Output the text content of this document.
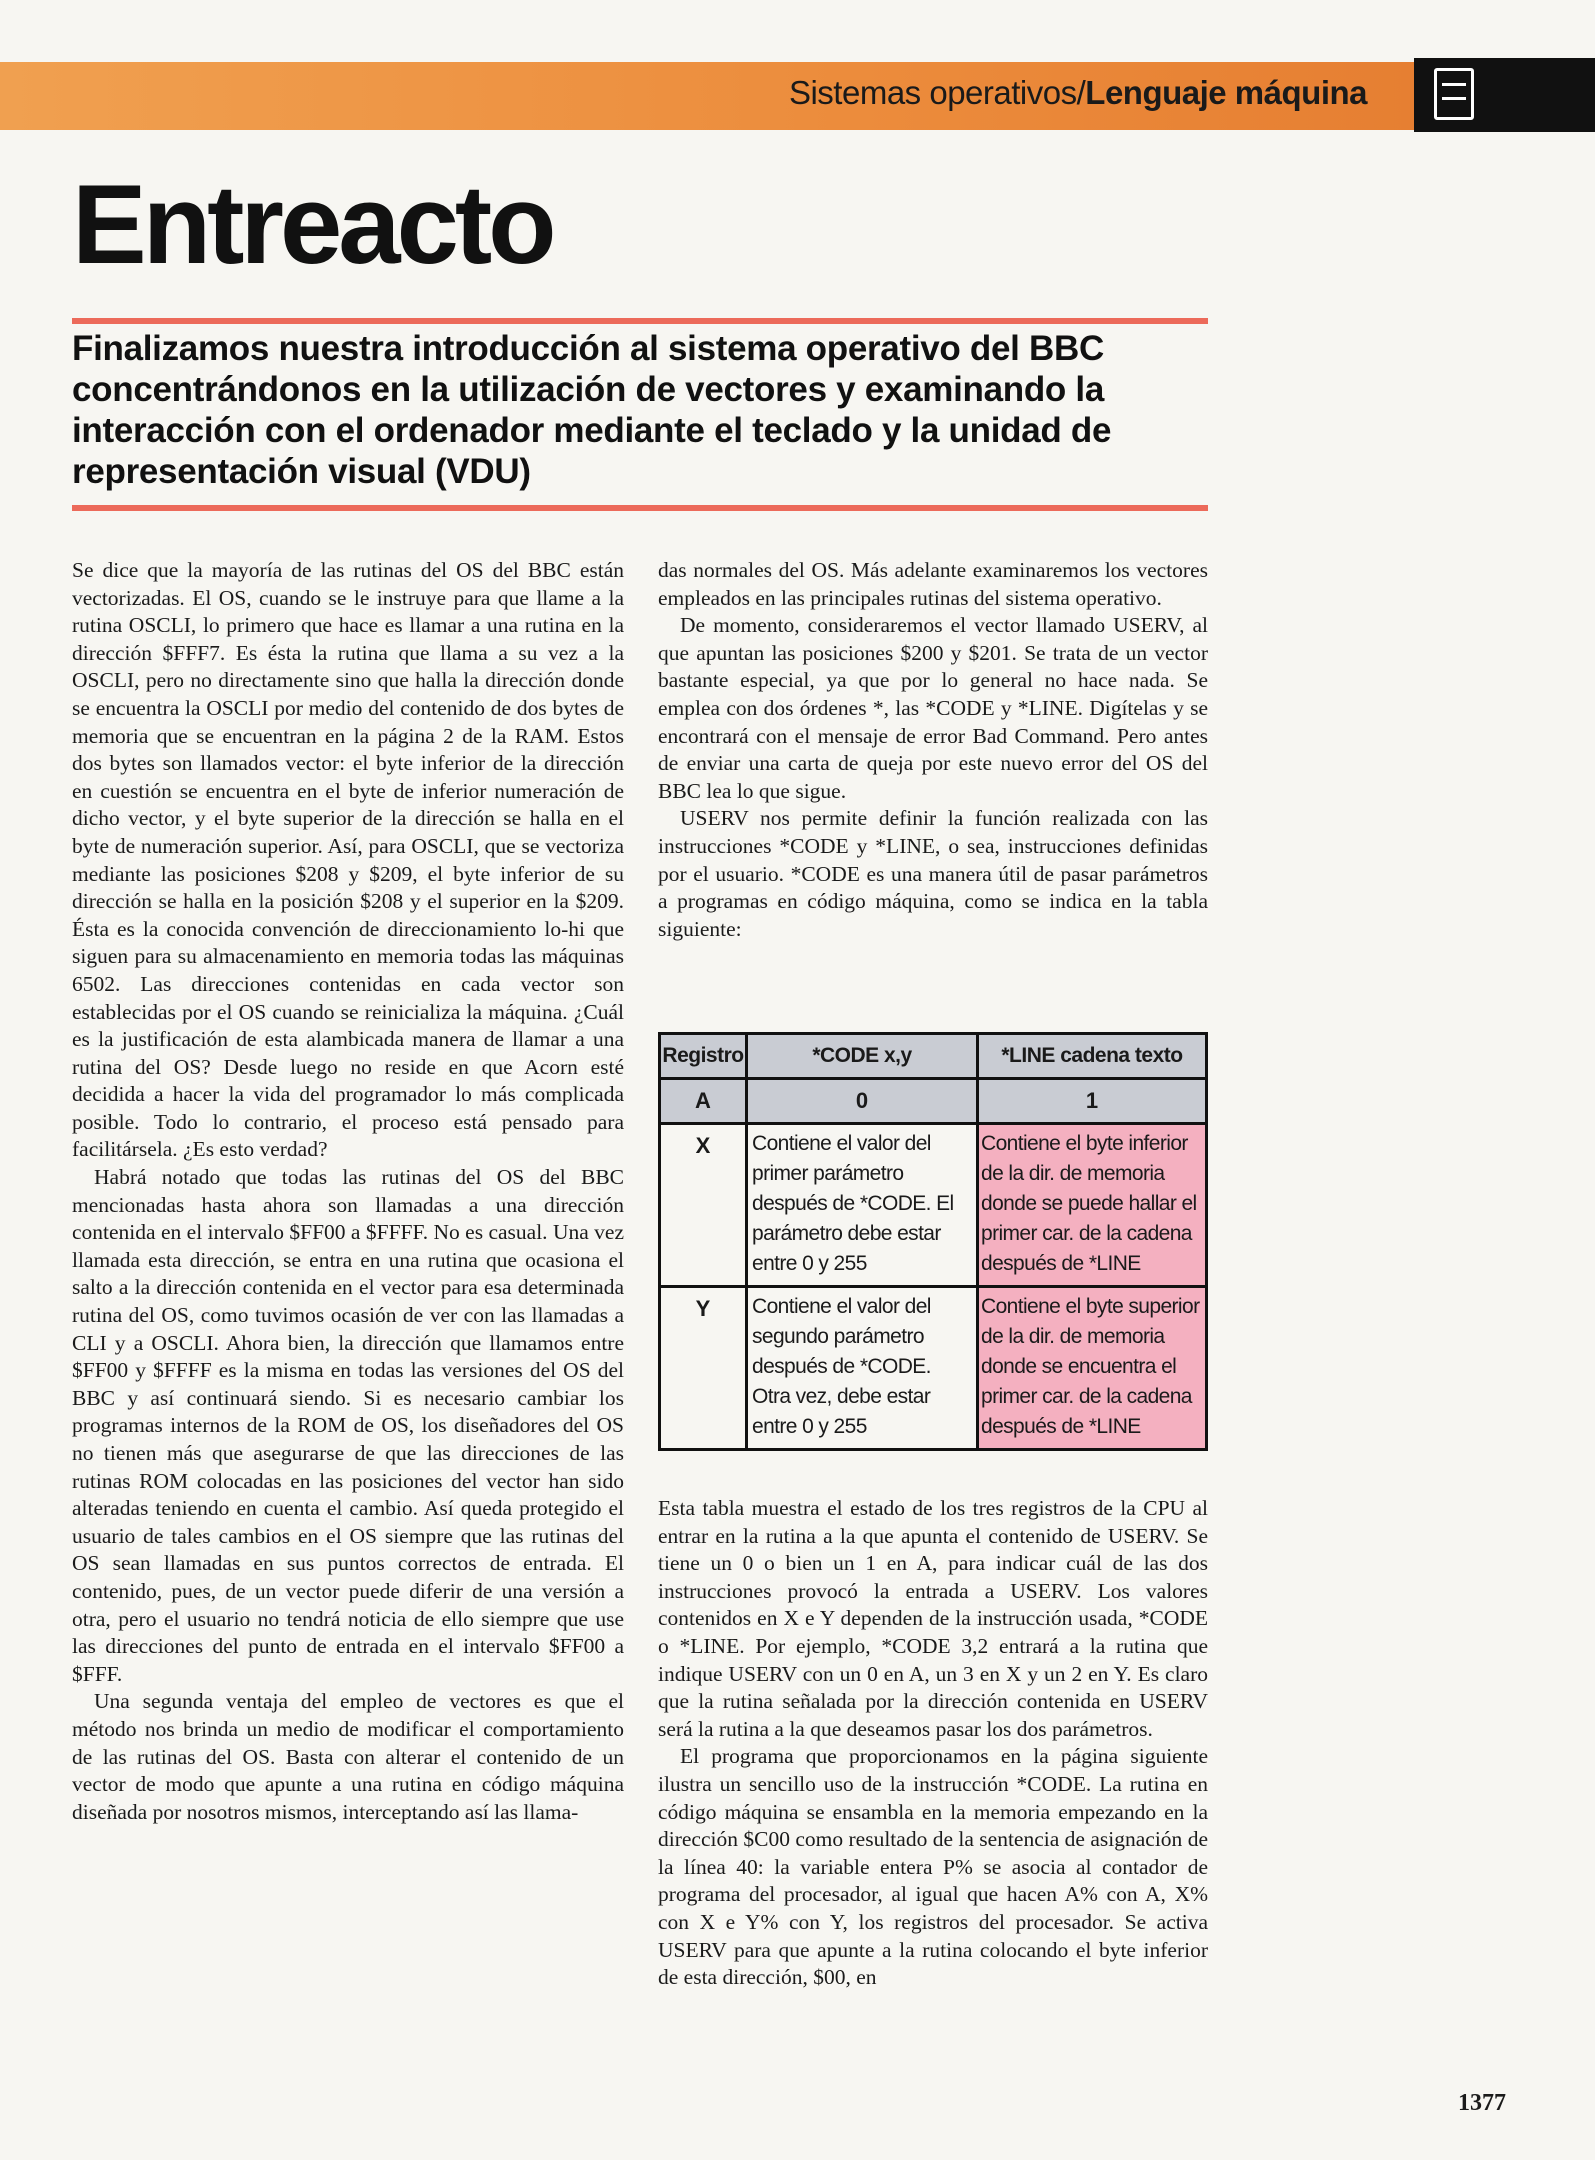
Sistemas operativos/Lenguaje máquina
Entreacto

Finalizamos nuestra introducción al sistema operativo del BBC concentrándonos en la utilización de vectores y examinando la interacción con el ordenador mediante el teclado y la unidad de representación visual (VDU)

Se dice que la mayoría de las rutinas del OS del BBC están vectorizadas. El OS, cuando se le instruye para que llame a la rutina OSCLI, lo primero que hace es llamar a una rutina en la dirección $FFF7. Es ésta la rutina que llama a su vez a la OSCLI, pero no directamente sino que halla la dirección donde se encuentra la OSCLI por medio del contenido de dos bytes de memoria que se encuentran en la página 2 de la RAM. Estos dos bytes son llamados vector: el byte inferior de la dirección en cuestión se encuentra en el byte de inferior numeración de dicho vector, y el byte superior de la dirección se halla en el byte de numeración superior. Así, para OSCLI, que se vectoriza mediante las posiciones $208 y $209, el byte inferior de su dirección se halla en la posición $208 y el superior en la $209. Ésta es la conocida convención de direccionamiento lo-hi que siguen para su almacenamiento en memoria todas las máquinas 6502. Las direcciones contenidas en cada vector son establecidas por el OS cuando se reinicializa la máquina. ¿Cuál es la justificación de esta alambicada manera de llamar a una rutina del OS? Desde luego no reside en que Acorn esté decidida a hacer la vida del programador lo más complicada posible. Todo lo contrario, el proceso está pensado para facilitársela. ¿Es esto verdad?

Habrá notado que todas las rutinas del OS del BBC mencionadas hasta ahora son llamadas a una dirección contenida en el intervalo $FF00 a $FFFF. No es casual. Una vez llamada esta dirección, se entra en una rutina que ocasiona el salto a la dirección contenida en el vector para esa determinada rutina del OS, como tuvimos ocasión de ver con las llamadas a CLI y a OSCLI. Ahora bien, la dirección que llamamos entre $FF00 y $FFFF es la misma en todas las versiones del OS del BBC y así continuará siendo. Si es necesario cambiar los programas internos de la ROM de OS, los diseñadores del OS no tienen más que asegurarse de que las direcciones de las rutinas ROM colocadas en las posiciones del vector han sido alteradas teniendo en cuenta el cambio. Así queda protegido el usuario de tales cambios en el OS siempre que las rutinas del OS sean llamadas en sus puntos correctos de entrada. El contenido, pues, de un vector puede diferir de una versión a otra, pero el usuario no tendrá noticia de ello siempre que use las direcciones del punto de entrada en el intervalo $FF00 a $FFF.

Una segunda ventaja del empleo de vectores es que el método nos brinda un medio de modificar el comportamiento de las rutinas del OS. Basta con alterar el contenido de un vector de modo que apunte a una rutina en código máquina diseñada por nosotros mismos, interceptando así las llama-

das normales del OS. Más adelante examinaremos los vectores empleados en las principales rutinas del sistema operativo.

De momento, consideraremos el vector llamado USERV, al que apuntan las posiciones $200 y $201. Se trata de un vector bastante especial, ya que por lo general no hace nada. Se emplea con dos órdenes *, las *CODE y *LINE. Digítelas y se encontrará con el mensaje de error Bad Command. Pero antes de enviar una carta de queja por este nuevo error del OS del BBC lea lo que sigue.

USERV nos permite definir la función realizada con las instrucciones *CODE y *LINE, o sea, instrucciones definidas por el usuario. *CODE es una manera útil de pasar parámetros a programas en código máquina, como se indica en la tabla siguiente:

Registro	*CODE x,y	*LINE cadena texto
A	0	1
X	Contiene el valor del primer parámetro después de *CODE. El parámetro debe estar entre 0 y 255	Contiene el byte inferior de la dir. de memoria donde se puede hallar el primer car. de la cadena después de *LINE
Y	Contiene el valor del segundo parámetro después de *CODE. Otra vez, debe estar entre 0 y 255	Contiene el byte superior de la dir. de memoria donde se encuentra el primer car. de la cadena después de *LINE

Esta tabla muestra el estado de los tres registros de la CPU al entrar en la rutina a la que apunta el contenido de USERV. Se tiene un 0 o bien un 1 en A, para indicar cuál de las dos instrucciones provocó la entrada a USERV. Los valores contenidos en X e Y dependen de la instrucción usada, *CODE o *LINE. Por ejemplo, *CODE 3,2 entrará a la rutina que indique USERV con un 0 en A, un 3 en X y un 2 en Y. Es claro que la rutina señalada por la dirección contenida en USERV será la rutina a la que deseamos pasar los dos parámetros.

El programa que proporcionamos en la página siguiente ilustra un sencillo uso de la instrucción *CODE. La rutina en código máquina se ensambla en la memoria empezando en la dirección $C00 como resultado de la sentencia de asignación de la línea 40: la variable entera P% se asocia al contador de programa del procesador, al igual que hacen A% con A, X% con X e Y% con Y, los registros del procesador. Se activa USERV para que apunte a la rutina colocando el byte inferior de esta dirección, $00, en

1377
